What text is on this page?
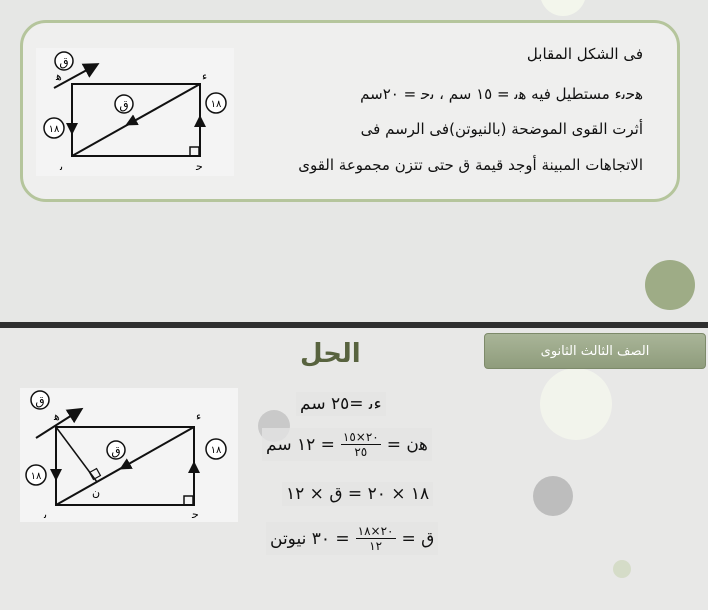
فى الشكل المقابل
ﻫﺣﯨﺀ مستطيل فيه ﻫﯨ = ١٥ سم ، ﯨﺣ = ٢٠سم
أثرت القوى الموضحة (بالنيوتن)فى الرسم فى
الاتجاهات المبينة أوجد قيمة ق حتى تتزن مجموعة القوى
ق
ق
١٨
١٨
ﻫ	ﺀ
ﯨ	ﺣ
الحل	الصف الثالث الثانوى
ق
ق
١٨
١٨
ﻫ	ﺀ
ﯨ	ﺣ
ن
ﺀﯨ =٢٥ سم
= ١٢ سم ٢٠×١٥
٢٥ ﻫن =
١٨ × ٢٠ = ق × ١٢
= ٣٠ نيوتن ٢٠×١٨
١٢ ق =
